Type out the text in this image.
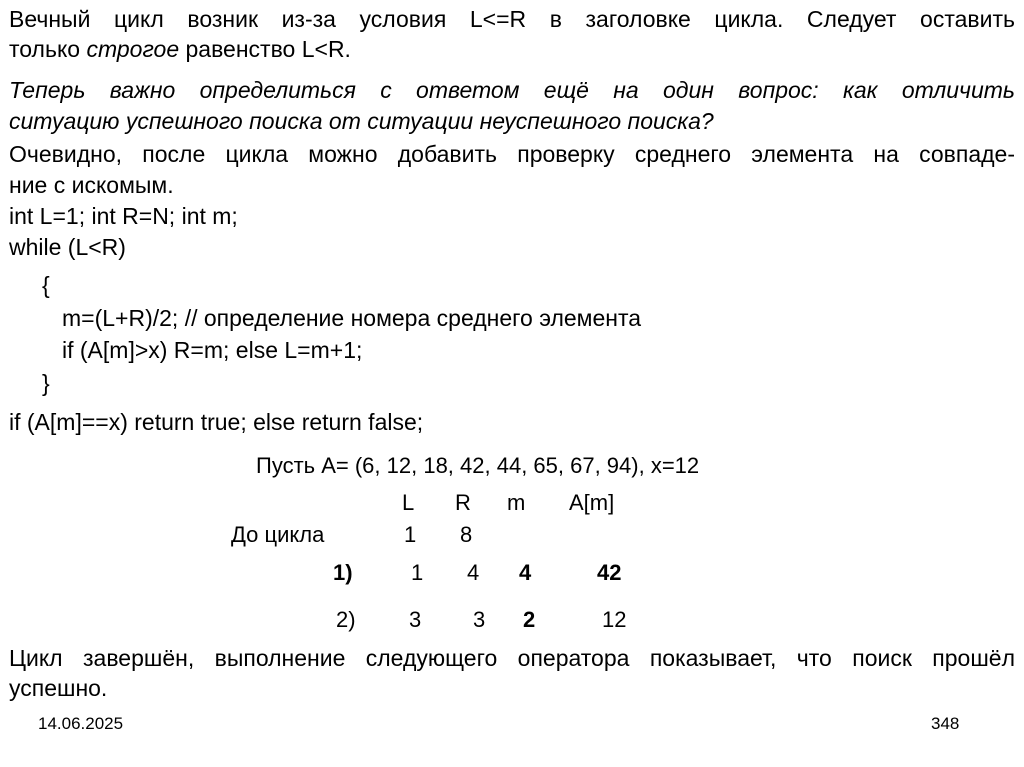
Вечный цикл возник из-за условия L<=R в заголовке цикла. Следует оставить
только строгое равенство L<R.
Теперь важно определиться с ответом ещё на один вопрос: как отличить
ситуацию успешного поиска от ситуации неуспешного поиска?
Очевидно, после цикла можно добавить проверку среднего элемента на совпаде-
ние с искомым.
int L=1; int R=N; int m;
while (L<R)
{
m=(L+R)/2; // определение номера среднего элемента
if (A[m]>x) R=m; else L=m+1;
}
if (A[m]==x) return true; else return false;
Пусть A= (6, 12, 18, 42, 44, 65, 67, 94), x=12
L R m A[m]
До цикла	1 8
1)	1 4 4	42
2) 3 3 2	12
Цикл завершён, выполнение следующего оператора показывает, что поиск прошёл
успешно.
14.06.2025	348
